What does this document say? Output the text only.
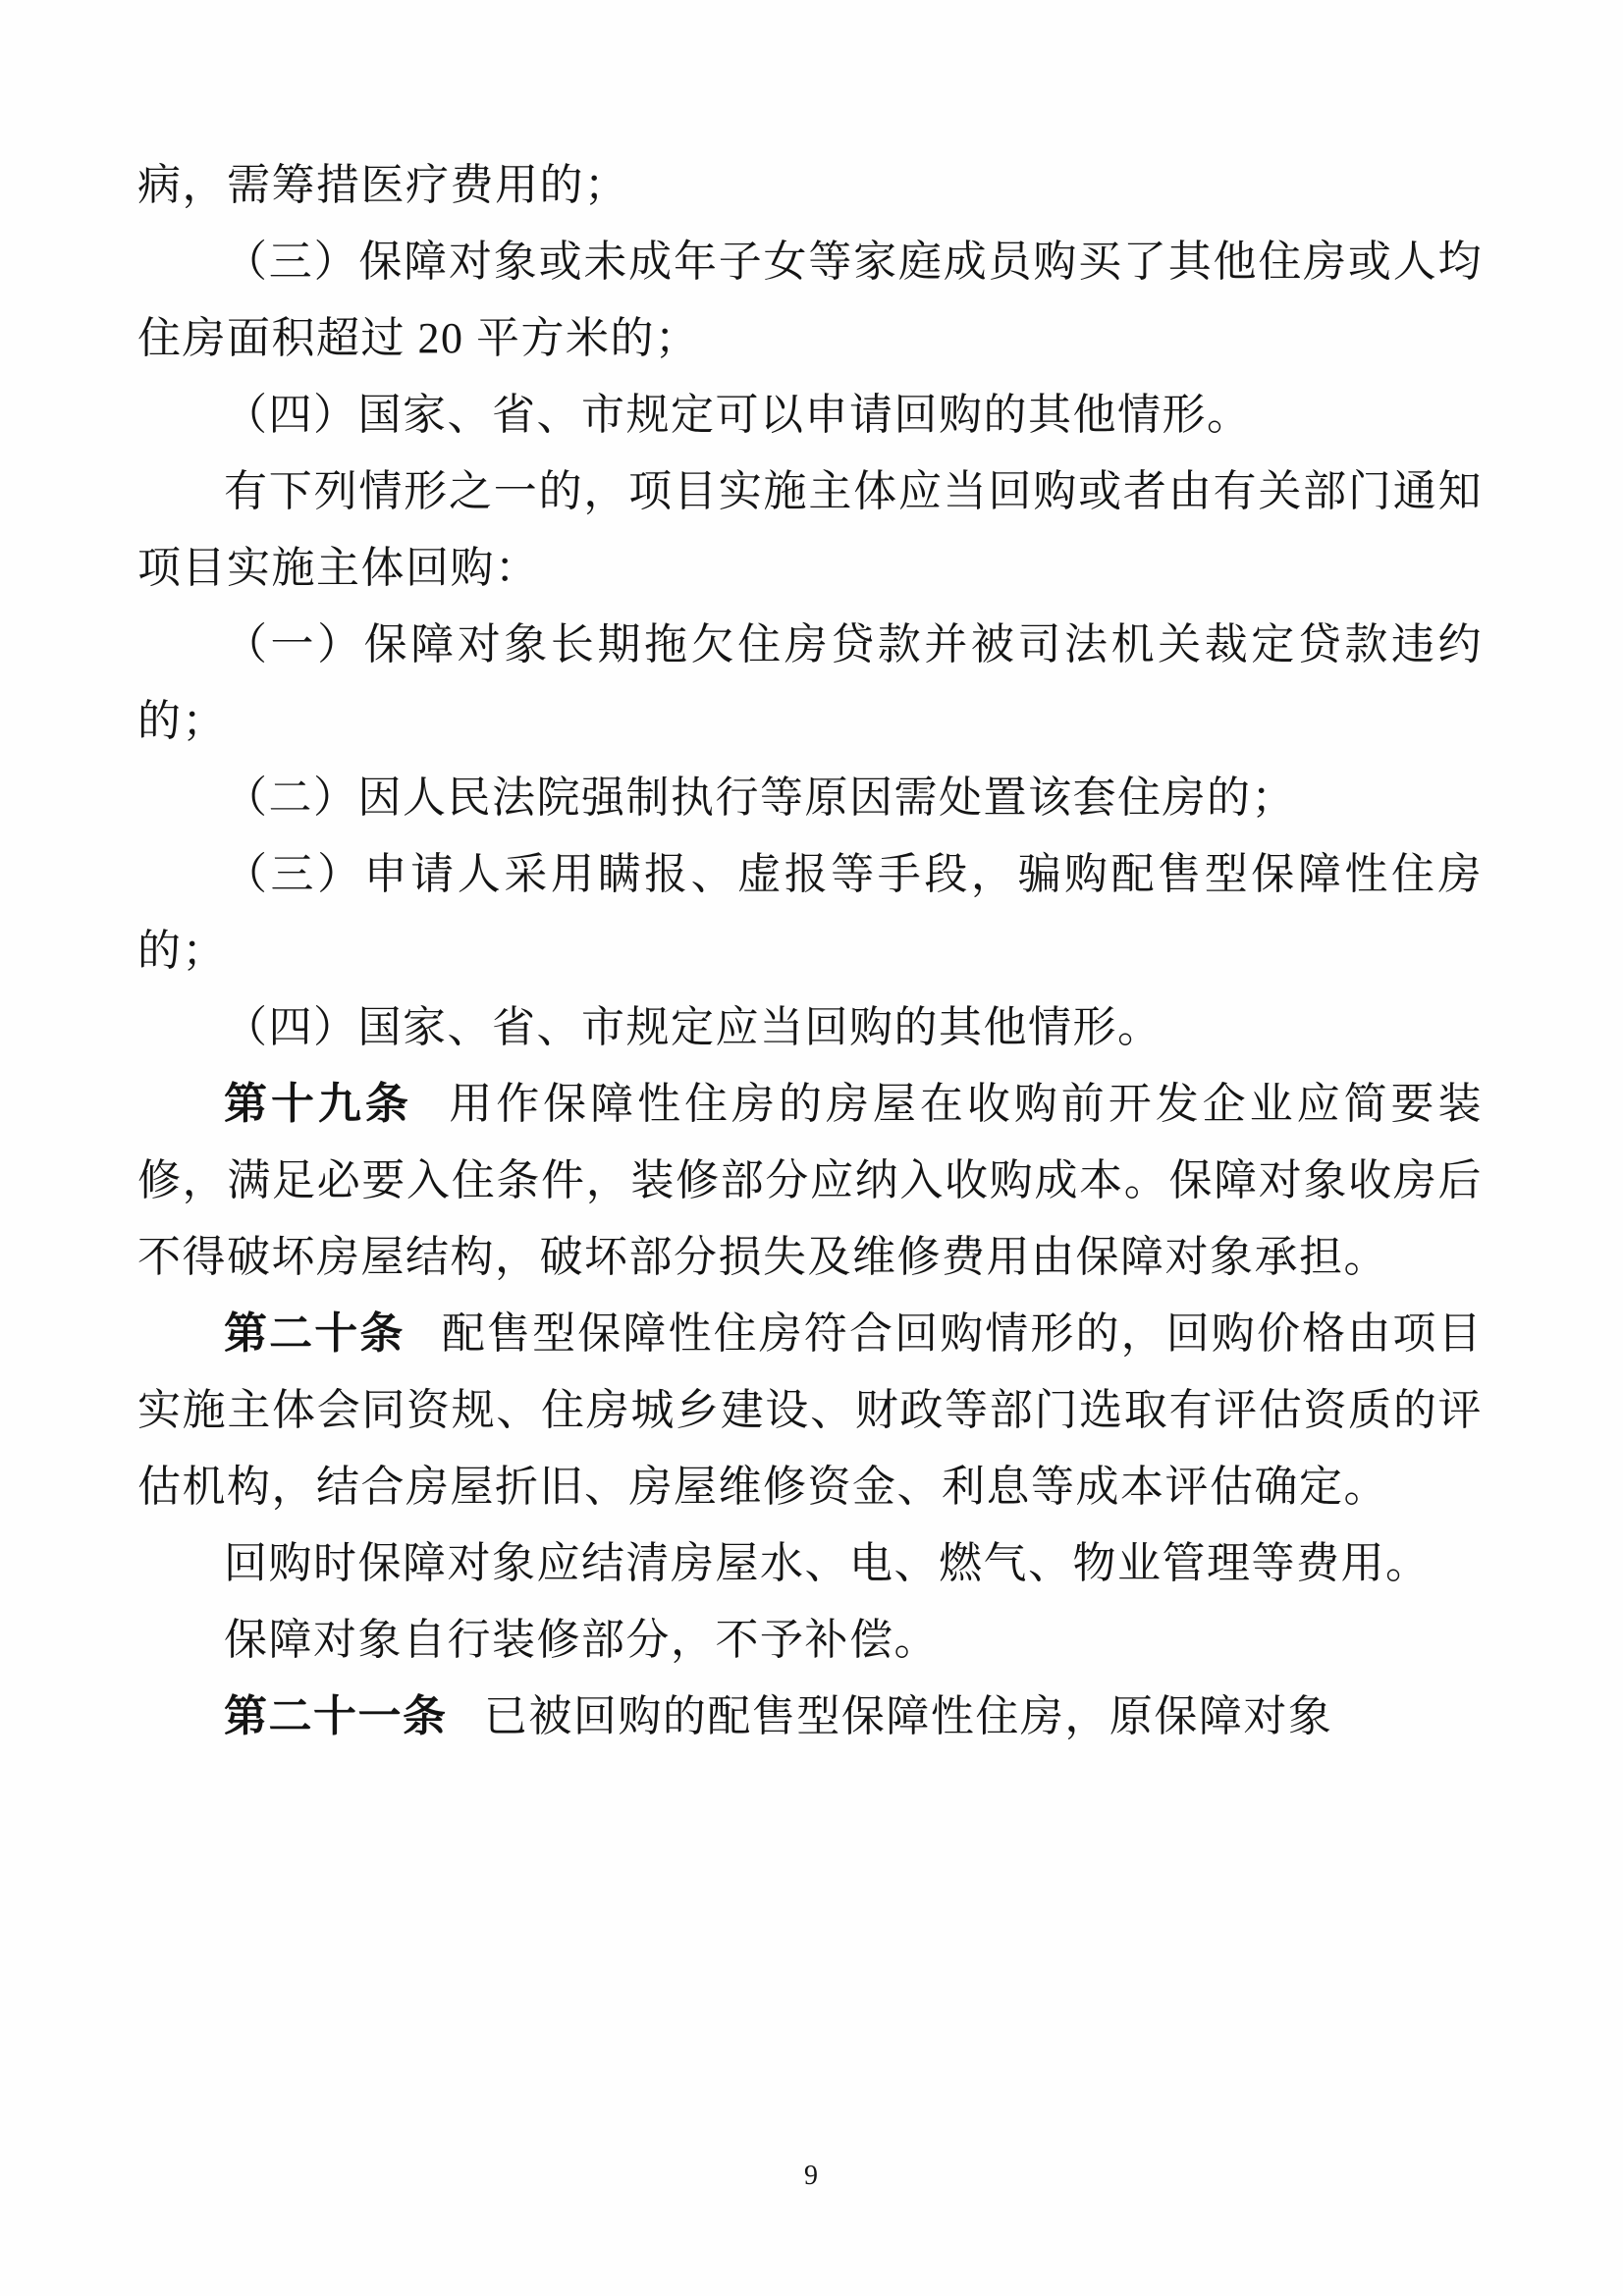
病，需筹措医疗费用的；

（三）保障对象或未成年子女等家庭成员购买了其他住房或人均住房面积超过 20 平方米的；

（四）国家、省、市规定可以申请回购的其他情形。

有下列情形之一的，项目实施主体应当回购或者由有关部门通知项目实施主体回购：

（一）保障对象长期拖欠住房贷款并被司法机关裁定贷款违约的；

（二）因人民法院强制执行等原因需处置该套住房的；

（三）申请人采用瞒报、虚报等手段，骗购配售型保障性住房的；

（四）国家、省、市规定应当回购的其他情形。

第十九条 用作保障性住房的房屋在收购前开发企业应简要装修，满足必要入住条件，装修部分应纳入收购成本。保障对象收房后不得破坏房屋结构，破坏部分损失及维修费用由保障对象承担。

第二十条 配售型保障性住房符合回购情形的，回购价格由项目实施主体会同资规、住房城乡建设、财政等部门选取有评估资质的评估机构，结合房屋折旧、房屋维修资金、利息等成本评估确定。

回购时保障对象应结清房屋水、电、燃气、物业管理等费用。

保障对象自行装修部分，不予补偿。

第二十一条 已被回购的配售型保障性住房，原保障对象

9
